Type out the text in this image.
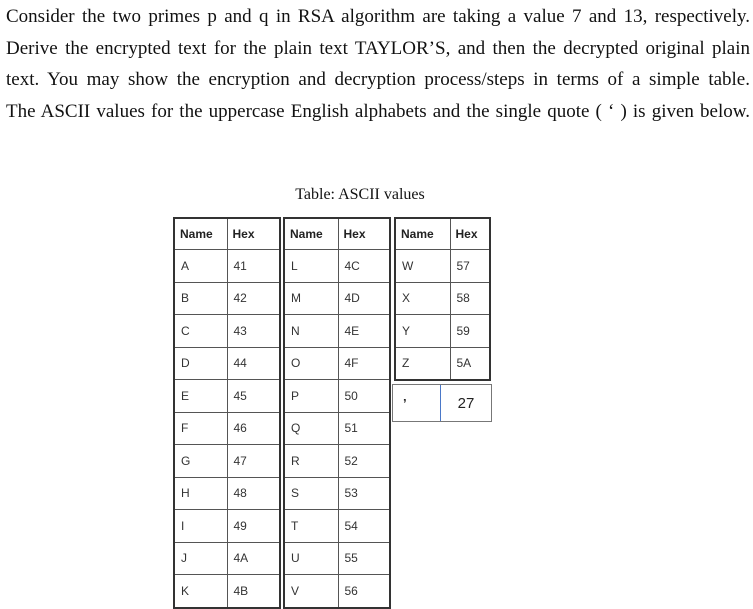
Consider the two primes p and q in RSA algorithm are taking a value 7 and 13, respectively.
Derive the encrypted text for the plain text TAYLOR’S, and then the decrypted original plain
text. You may show the encryption and decryption process/steps in terms of a simple table.
The ASCII values for the uppercase English alphabets and the single quote ( ‘ ) is given below.
Table: ASCII values
Name	Hex
A	41
B	42
C	43
D	44
E	45
F	46
G	47
H	48
I	49
J	4A
K	4B
Name	Hex
L	4C
M	4D
N	4E
O	4F
P	50
Q	51
R	52
S	53
T	54
U	55
V	56
Name	Hex
W	57
X	58
Y	59
Z	5A
’	27
